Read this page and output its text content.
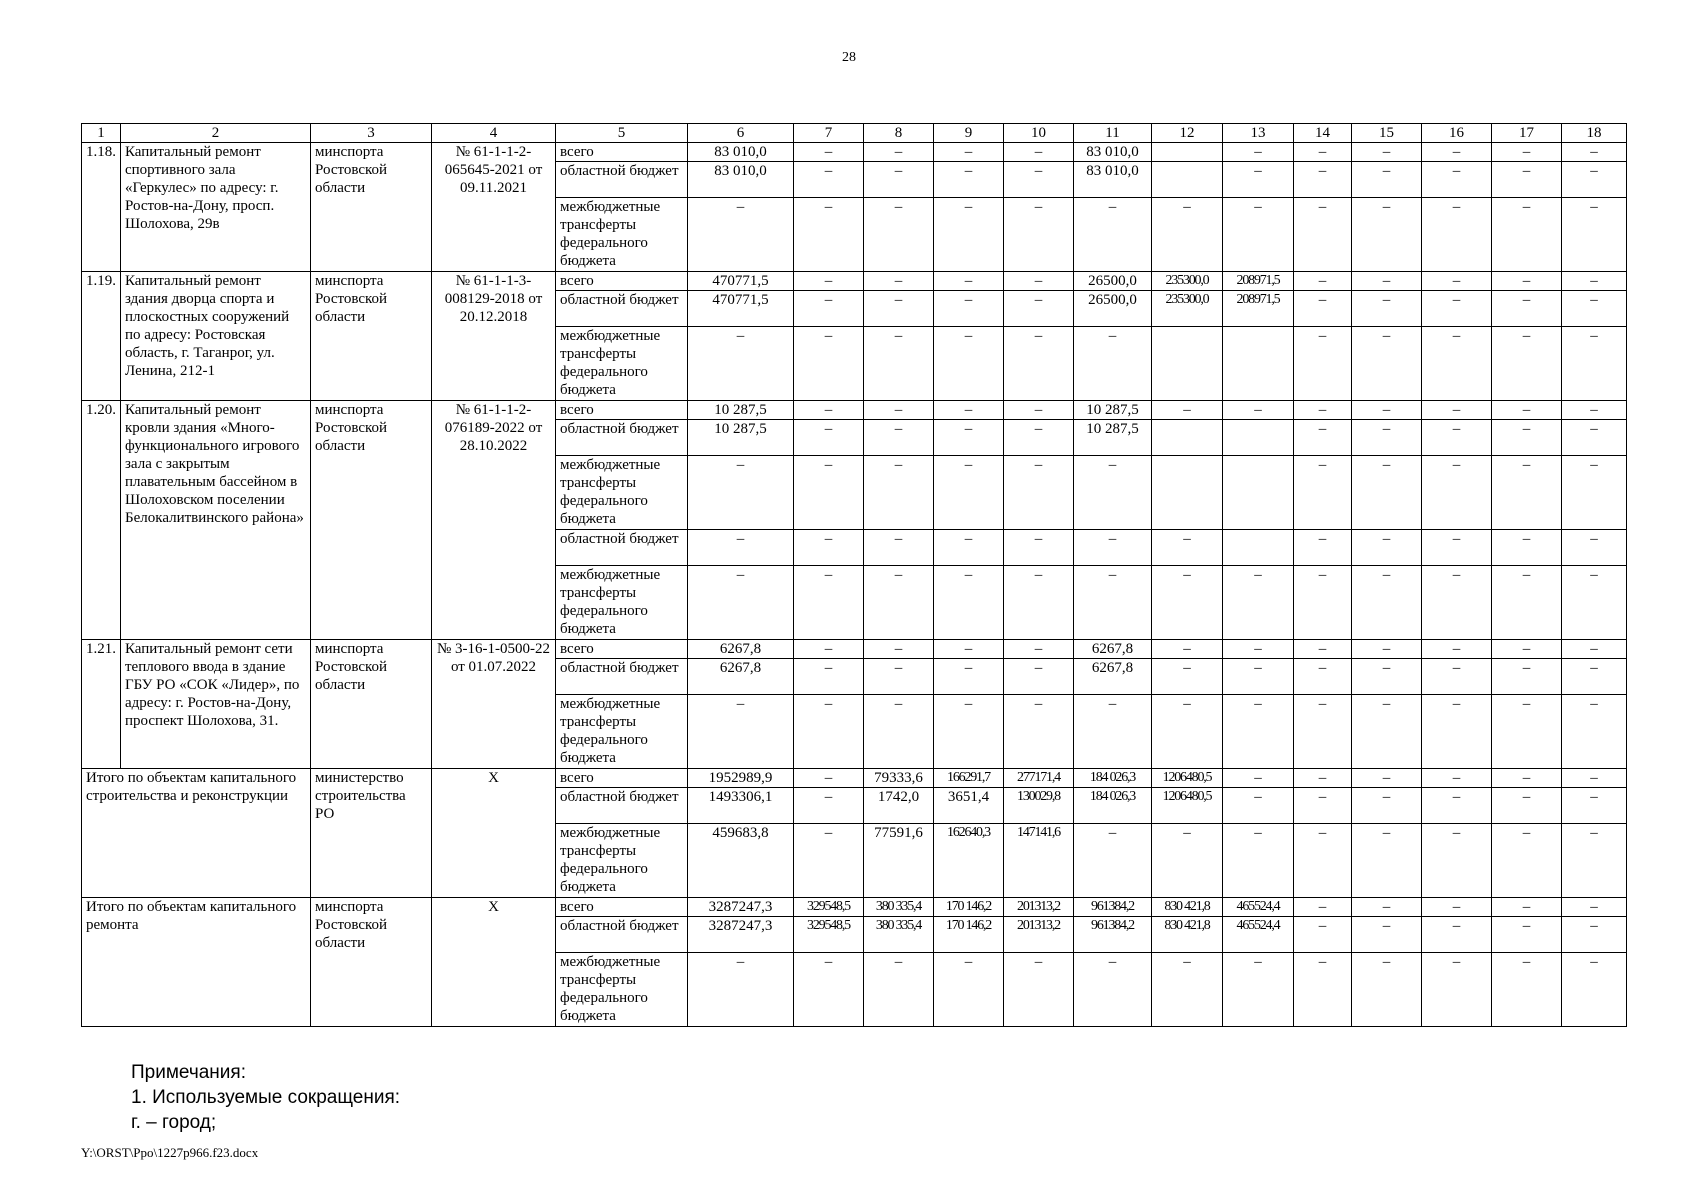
28
1	2	3	4	5	6	7	8	9	10	11	12	13	14	15	16	17	18
1.18.	Капитальный ремонт спортивного зала «Геркулес» по адресу: г. Ростов-на-Дону, просп. Шолохова, 29в	минспорта Ростовской области	№ 61-1-1-2-065645-2021 от 09.11.2021	всего	83 010,0	–	–	–	–	83 010,0		–	–	–	–	–	–
				областной бюджет	83 010,0	–	–	–	–	83 010,0		–	–	–	–	–	–
				межбюджетные трансферты федерального бюджета	–	–	–	–	–	–	–	–	–	–	–	–	–
1.19.	Капитальный ремонт здания дворца спорта и плоскостных сооружений по адресу: Ростовская область, г. Таганрог, ул. Ленина, 212-1	минспорта Ростовской области	№ 61-1-1-3-008129-2018 от 20.12.2018	всего	470771,5	–	–	–	–	26500,0	235300,0	208971,5	–	–	–	–	–
				областной бюджет	470771,5	–	–	–	–	26500,0	235300,0	208971,5	–	–	–	–	–
				межбюджетные трансферты федерального бюджета	–	–	–	–	–	–			–	–	–	–	–
1.20.	Капитальный ремонт кровли здания «Много-функционального игрового зала с закрытым плавательным бассейном в Шолоховском поселении Белокалитвинского района»	минспорта Ростовской области	№ 61-1-1-2-076189-2022 от 28.10.2022	всего	10 287,5	–	–	–	–	10 287,5	–	–	–	–	–	–	–
				областной бюджет	10 287,5	–	–	–	–	10 287,5			–	–	–	–	–
				межбюджетные трансферты федерального бюджета	–	–	–	–	–	–			–	–	–	–	–
				областной бюджет	–	–	–	–	–	–	–		–	–	–	–	–
				межбюджетные трансферты федерального бюджета	–	–	–	–	–	–	–	–	–	–	–	–	–
1.21.	Капитальный ремонт сети теплового ввода в здание ГБУ РО «СОК «Лидер», по адресу: г. Ростов-на-Дону, проспект Шолохова, 31.	минспорта Ростовской области	№ 3-16-1-0500-22 от 01.07.2022	всего	6267,8	–	–	–	–	6267,8	–	–	–	–	–	–	–
				областной бюджет	6267,8	–	–	–	–	6267,8	–	–	–	–	–	–	–
				межбюджетные трансферты федерального бюджета	–	–	–	–	–	–	–	–	–	–	–	–	–
Итого по объектам капитального строительства и реконструкции		министерство строительства РО	Х	всего	1952989,9	–	79333,6	166291,7	277171,4	184 026,3	1206480,5	–	–	–	–	–	–
				областной бюджет	1493306,1	–	1742,0	3651,4	130029,8	184 026,3	1206480,5	–	–	–	–	–	–
				межбюджетные трансферты федерального бюджета	459683,8	–	77591,6	162640,3	147141,6	–	–	–	–	–	–	–	–
Итого по объектам капитального ремонта		минспорта Ростовской области	Х	всего	3287247,3	329548,5	380 335,4	170 146,2	201313,2	961384,2	830 421,8	465524,4	–	–	–	–	–
				областной бюджет	3287247,3	329548,5	380 335,4	170 146,2	201313,2	961384,2	830 421,8	465524,4	–	–	–	–	–
				межбюджетные трансферты федерального бюджета	–	–	–	–	–	–	–	–	–	–	–	–	–
Примечания:
1. Используемые сокращения:
г. – город;
Y:\ORST\Ppo\1227p966.f23.docx
